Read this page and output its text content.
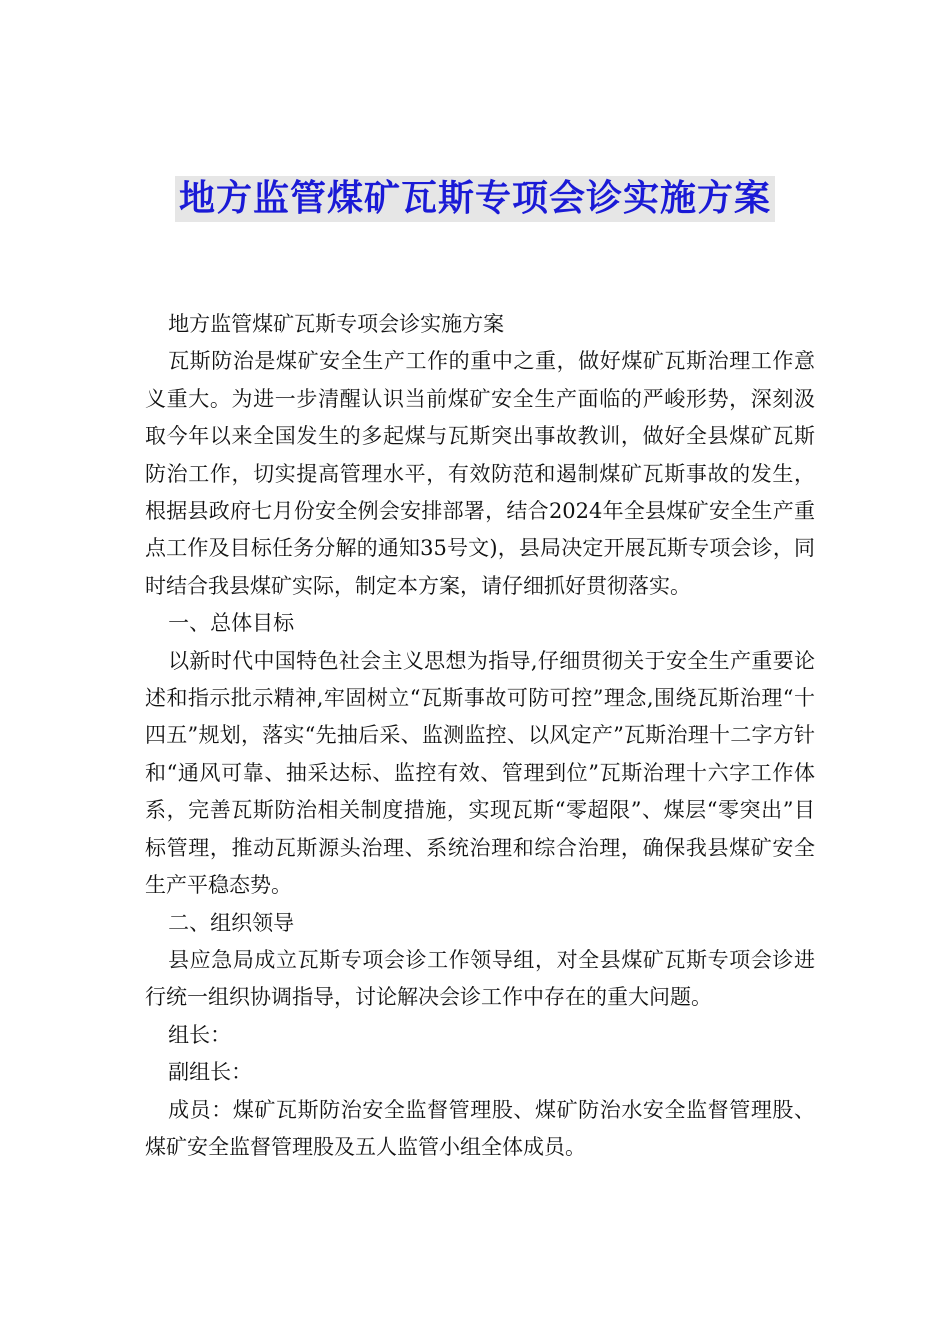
地方监管煤矿瓦斯专项会诊实施方案

地方监管煤矿瓦斯专项会诊实施方案

瓦斯防治是煤矿安全生产工作的重中之重，做好煤矿瓦斯治理工作意义重大。为进一步清醒认识当前煤矿安全生产面临的严峻形势，深刻汲取今年以来全国发生的多起煤与瓦斯突出事故教训，做好全县煤矿瓦斯防治工作，切实提高管理水平，有效防范和遏制煤矿瓦斯事故的发生，根据县政府七月份安全例会安排部署，结合2024年全县煤矿安全生产重点工作及目标任务分解的通知35号文)，县局决定开展瓦斯专项会诊，同时结合我县煤矿实际，制定本方案，请仔细抓好贯彻落实。

一、总体目标

以新时代中国特色社会主义思想为指导,仔细贯彻关于安全生产重要论述和指示批示精神,牢固树立“瓦斯事故可防可控”理念,围绕瓦斯治理“十四五”规划，落实“先抽后采、监测监控、以风定产”瓦斯治理十二字方针和“通风可靠、抽采达标、监控有效、管理到位”瓦斯治理十六字工作体系，完善瓦斯防治相关制度措施，实现瓦斯“零超限”、煤层“零突出”目标管理，推动瓦斯源头治理、系统治理和综合治理，确保我县煤矿安全生产平稳态势。

二、组织领导

县应急局成立瓦斯专项会诊工作领导组，对全县煤矿瓦斯专项会诊进行统一组织协调指导，讨论解决会诊工作中存在的重大问题。

组长：

副组长：

成员：煤矿瓦斯防治安全监督管理股、煤矿防治水安全监督管理股、煤矿安全监督管理股及五人监管小组全体成员。
